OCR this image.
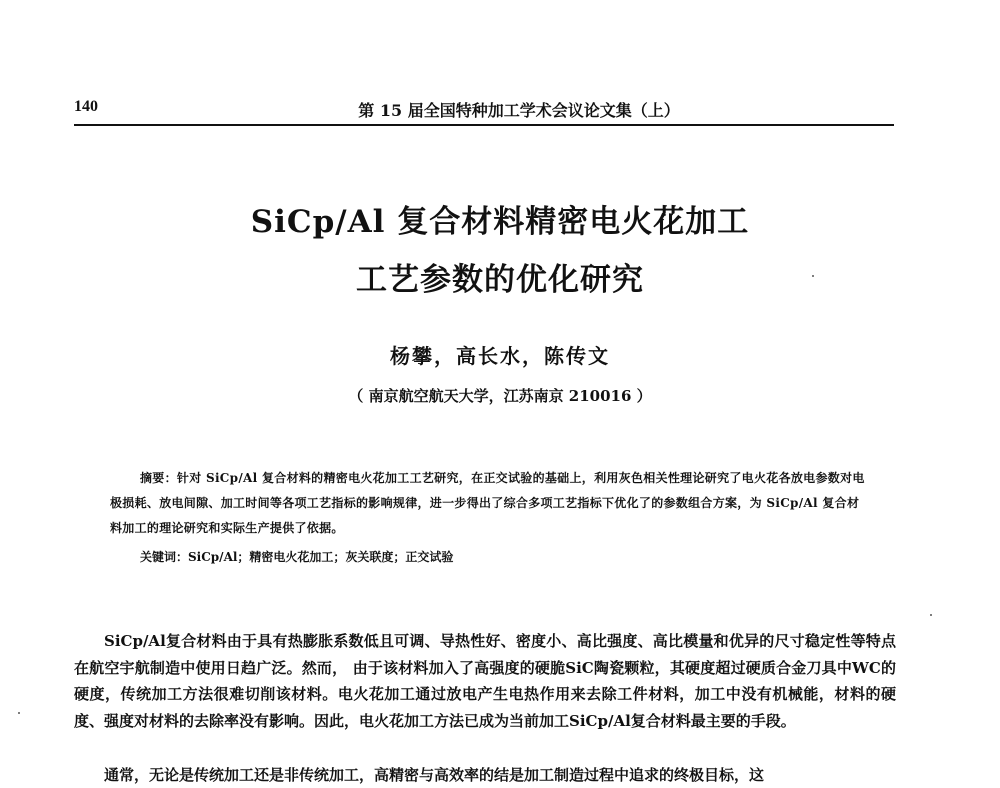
140	第 15 届全国特种加工学术会议论文集（上）
SiCp/Al 复合材料精密电火花加工
工艺参数的优化研究
杨攀，高长水，陈传文
（ 南京航空航天大学，江苏南京 210016 ）
摘要：针对 SiCp/Al 复合材料的精密电火花加工工艺研究，在正交试验的基础上，利用灰色相关性理论研究了电火花各放电参数对电极损耗、放电间隙、加工时间等各项工艺指标的影响规律，进一步得出了综合多项工艺指标下优化了的参数组合方案，为 SiCp/Al 复合材料加工的理论研究和实际生产提供了依据。
关键词：SiCp/Al；精密电火花加工；灰关联度；正交试验
SiCp/Al复合材料由于具有热膨胀系数低且可调、导热性好、密度小、高比强度、高比模量和优异的尺寸稳定性等特点在航空宇航制造中使用日趋广泛。然而， 由于该材料加入了高强度的硬脆SiC陶瓷颗粒，其硬度超过硬质合金刀具中WC的硬度，传统加工方法很难切削该材料。电火花加工通过放电产生电热作用来去除工件材料，加工中没有机械能，材料的硬度、强度对材料的去除率没有影响。因此，电火花加工方法已成为当前加工SiCp/Al复合材料最主要的手段。
通常，无论是传统加工还是非传统加工，高精密与高效率的结是加工制造过程中追求的终极目标，这
